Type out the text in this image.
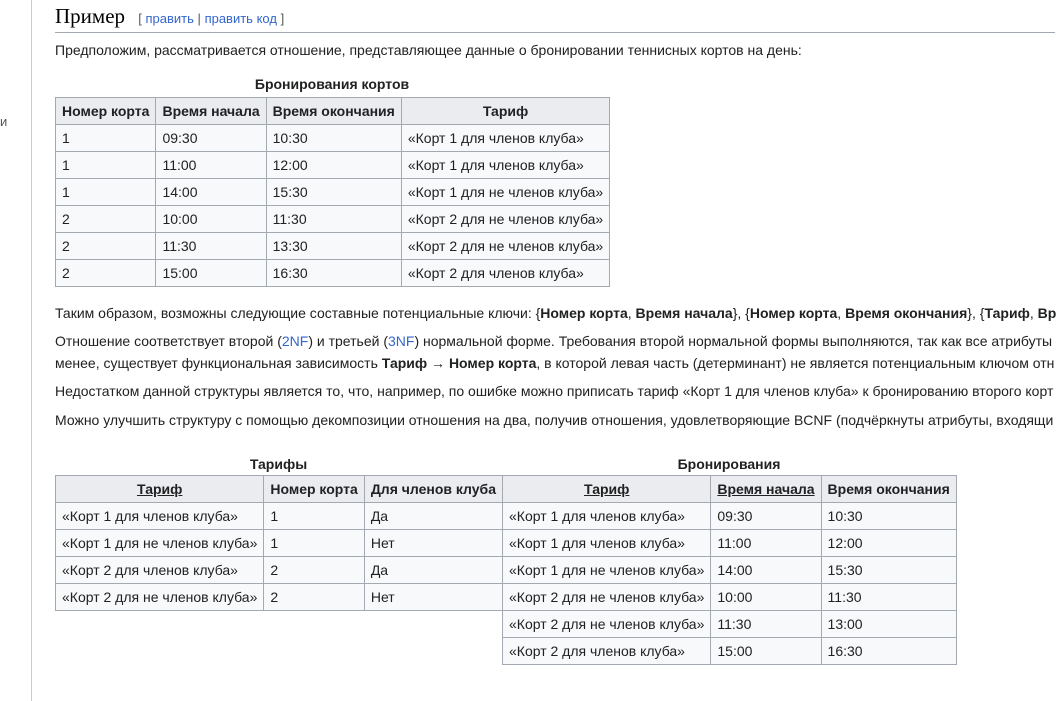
и
Пример [ править | править код ]

Предположим, рассматривается отношение, представляющее данные о бронировании теннисных кортов на день:

Бронирования кортов
Номер корта	Время начала	Время окончания	Тариф
1	09:30	10:30	«Корт 1 для членов клуба»
1	11:00	12:00	«Корт 1 для членов клуба»
1	14:00	15:30	«Корт 1 для не членов клуба»
2	10:00	11:30	«Корт 2 для не членов клуба»
2	11:30	13:30	«Корт 2 для не членов клуба»
2	15:00	16:30	«Корт 2 для членов клуба»

Таким образом, возможны следующие составные потенциальные ключи: {Номер корта, Время начала}, {Номер корта, Время окончания}, {Тариф, Вр

Отношение соответствует второй (2NF) и третьей (3NF) нормальной форме. Требования второй нормальной формы выполняются, так как все атрибуты

менее, существует функциональная зависимость Тариф → Номер корта, в которой левая часть (детерминант) не является потенциальным ключом отн

Недостатком данной структуры является то, что, например, по ошибке можно приписать тариф «Корт 1 для членов клуба» к бронированию второго корт

Можно улучшить структуру с помощью декомпозиции отношения на два, получив отношения, удовлетворяющие BCNF (подчёркнуты атрибуты, входящи

Тарифы
Тариф	Номер корта	Для членов клуба
«Корт 1 для членов клуба»	1	Да
«Корт 1 для не членов клуба»	1	Нет
«Корт 2 для членов клуба»	2	Да
«Корт 2 для не членов клуба»	2	Нет
Бронирования
Тариф	Время начала	Время окончания
«Корт 1 для членов клуба»	09:30	10:30
«Корт 1 для членов клуба»	11:00	12:00
«Корт 1 для не членов клуба»	14:00	15:30
«Корт 2 для не членов клуба»	10:00	11:30
«Корт 2 для не членов клуба»	11:30	13:00
«Корт 2 для членов клуба»	15:00	16:30
